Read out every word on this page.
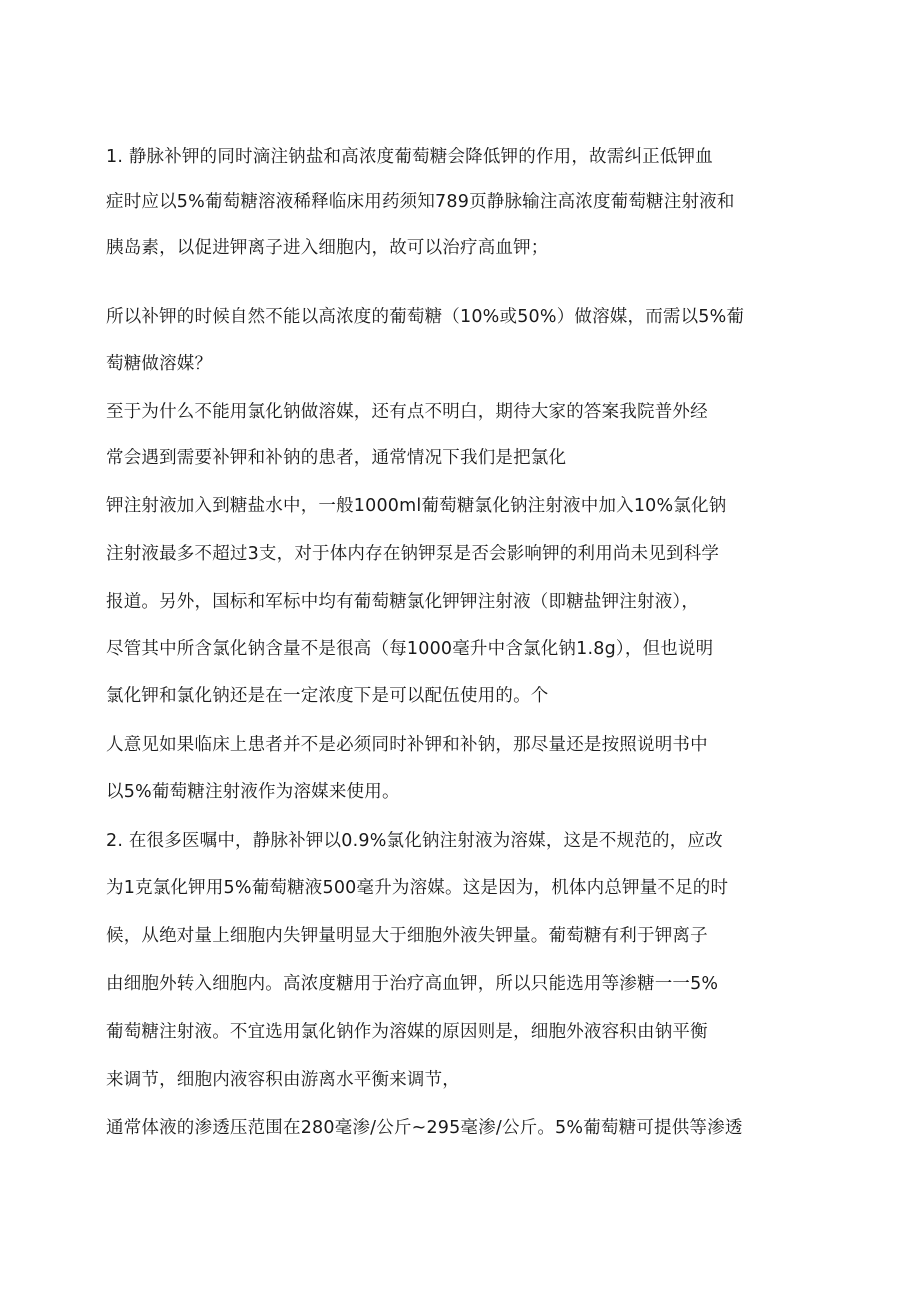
1. 静脉补钾的同时滴注钠盐和高浓度葡萄糖会降低钾的作用，故需纠正低钾血
症时应以5%葡萄糖溶液稀释临床用药须知789页静脉输注高浓度葡萄糖注射液和
胰岛素，以促进钾离子进入细胞内，故可以治疗高血钾；
所以补钾的时候自然不能以高浓度的葡萄糖（10%或50%）做溶媒，而需以5%葡
萄糖做溶媒？
至于为什么不能用氯化钠做溶媒，还有点不明白，期待大家的答案我院普外经
常会遇到需要补钾和补钠的患者，通常情况下我们是把氯化
钾注射液加入到糖盐水中，一般1000ml葡萄糖氯化钠注射液中加入10%氯化钠
注射液最多不超过3支，对于体内存在钠钾泵是否会影响钾的利用尚未见到科学
报道。另外，国标和军标中均有葡萄糖氯化钾钾注射液（即糖盐钾注射液），
尽管其中所含氯化钠含量不是很高（每1000毫升中含氯化钠1.8g），但也说明
氯化钾和氯化钠还是在一定浓度下是可以配伍使用的。个
人意见如果临床上患者并不是必须同时补钾和补钠，那尽量还是按照说明书中
以5%葡萄糖注射液作为溶媒来使用。
2. 在很多医嘱中，静脉补钾以0.9%氯化钠注射液为溶媒，这是不规范的，应改
为1克氯化钾用5%葡萄糖液500毫升为溶媒。这是因为，机体内总钾量不足的时
候，从绝对量上细胞内失钾量明显大于细胞外液失钾量。葡萄糖有利于钾离子
由细胞外转入细胞内。高浓度糖用于治疗高血钾，所以只能选用等渗糖一一5%
葡萄糖注射液。不宜选用氯化钠作为溶媒的原因则是，细胞外液容积由钠平衡
来调节，细胞内液容积由游离水平衡来调节，
通常体液的渗透压范围在280毫渗/公斤~295毫渗/公斤。5%葡萄糖可提供等渗透
